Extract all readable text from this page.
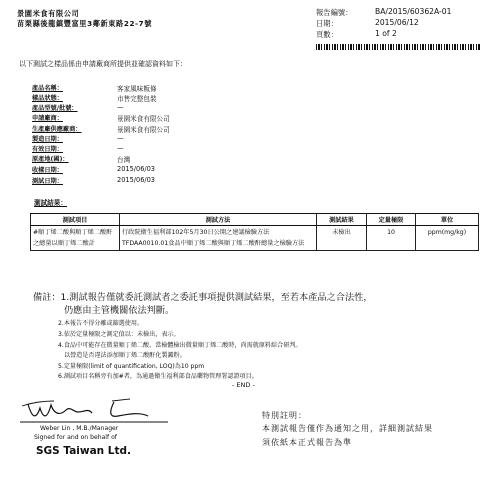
景園米食有限公司
苗栗縣後龍鎮豐富里3鄰新東路22-7號
報告編號：	BA/2015/60362A-01
日期：	2015/06/12
頁數：	1 of 2
以下測試之樣品係由申請廠商所提供並確認資料如下：
產品名稱：	客家風味粄條
樣品狀態：	市售完整包裝
產品型號/批號：	—
申請廠商：	景園米食有限公司
生產廠供應廠商：	景園米食有限公司
製造日期：	—
有效日期：	—
原產地(國)：	台灣
收樣日期：	2015/06/03
測試日期：	2015/06/03
測試結果：
測試項目	測試方法	測試結果	定量極限	單位
#順丁烯二酸與順丁烯二酸酐之總量以順丁烯二酸計	行政院衛生福利部102年5月30日公開之建議檢驗方法TFDAA0010.01食品中順丁烯二酸與順丁烯二酸酐總量之檢驗方法	未檢出	10	ppm(mg/kg)
備註：1.測試報告僅就委託測試者之委託事項提供測試結果，至若本產品之合法性，
仍應由主管機關依法判斷。
2.本報告不得分離或篩選使用。
3.依於定量極限之測定值以：未檢出，表示。
4.食品中可能存在微量順丁烯二酸，當檢體檢出微量順丁烯二酸時，尚需就原料綜合研判。
以營造是否違法添加順丁烯二酸酐化製澱粉。
5.定量極限(limit of quantification, LOQ)為10 ppm
6.測試項目名稱旁有加#者，為通過衛生福利部食品藥物管理署認證項目。
- END -
Weber Lin , M.B./Manager
Signed for and on behalf of
SGS Taiwan Ltd.
特別註明：
本測試報告僅作為通知之用，詳細測試結果
須依紙本正式報告為準
